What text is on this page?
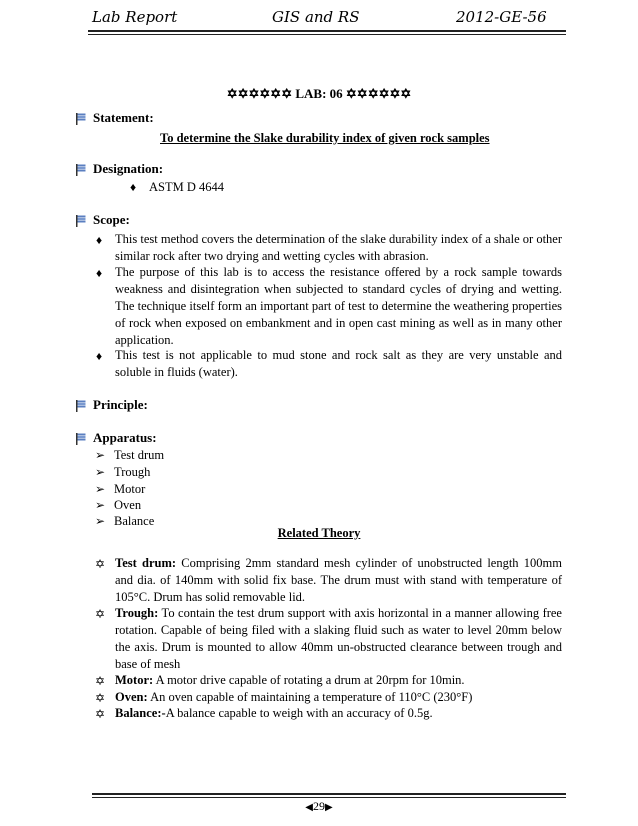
Lab Report	GIS and RS	2012-GE-56
✡✡✡✡✡✡ LAB: 06 ✡✡✡✡✡✡
Statement:
To determine the Slake durability index of given rock samples
Designation:
♦ ASTM D 4644
Scope:
♦ This test method covers the determination of the slake durability index of a shale or other similar rock after two drying and wetting cycles with abrasion.
♦ The purpose of this lab is to access the resistance offered by a rock sample towards weakness and disintegration when subjected to standard cycles of drying and wetting. The technique itself form an important part of test to determine the weathering properties of rock when exposed on embankment and in open cast mining as well as in many other application.
♦ This test is not applicable to mud stone and rock salt as they are very unstable and soluble in fluids (water).
Principle:
Apparatus:
➢ Test drum
➢ Trough
➢ Motor
➢ Oven
➢ Balance
Related Theory
✡ Test drum: Comprising 2mm standard mesh cylinder of unobstructed length 100mm and dia. of 140mm with solid fix base. The drum must with stand with temperature of 105°C. Drum has solid removable lid.
✡ Trough: To contain the test drum support with axis horizontal in a manner allowing free rotation. Capable of being filed with a slaking fluid such as water to level 20mm below the axis. Drum is mounted to allow 40mm un-obstructed clearance between trough and base of mesh
✡ Motor: A motor drive capable of rotating a drum at 20rpm for 10min.
✡ Oven: An oven capable of maintaining a temperature of 110°C (230°F)
✡ Balance:-A balance capable to weigh with an accuracy of 0.5g.
◀29▶
